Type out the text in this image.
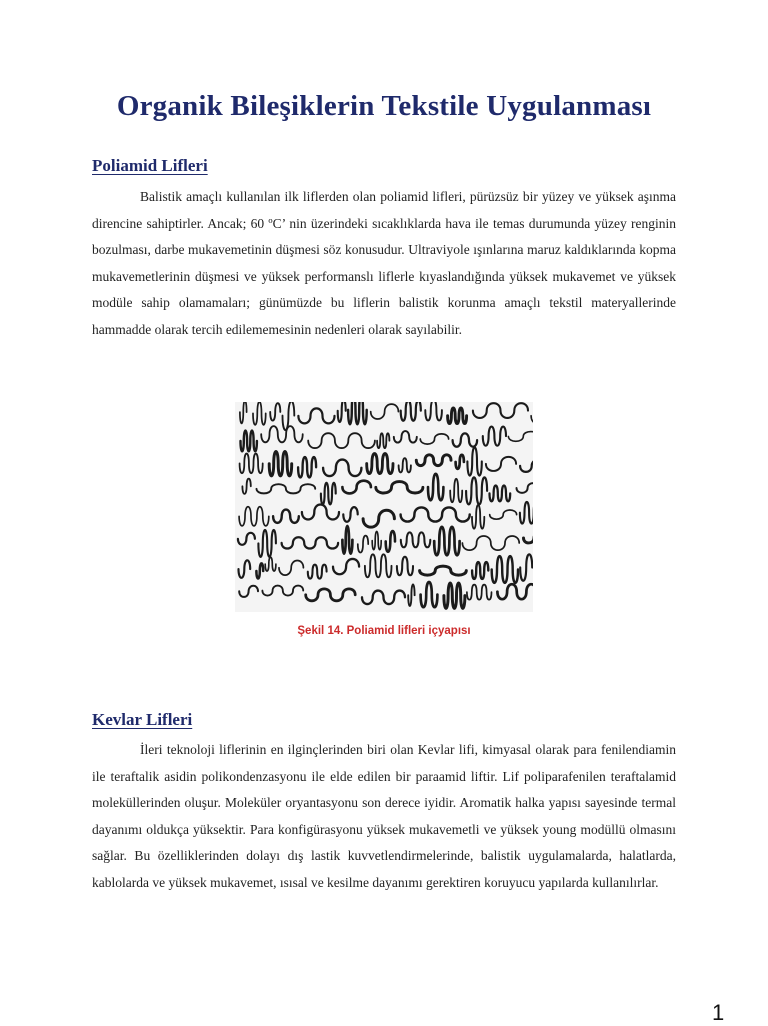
Organik Bileşiklerin Tekstile Uygulanması
Poliamid Lifleri
Balistik amaçlı kullanılan ilk liflerden olan poliamid lifleri, pürüzsüz bir yüzey ve yüksek aşınma direncine sahiptirler. Ancak; 60 ºC’ nin üzerindeki sıcaklıklarda hava ile temas durumunda yüzey renginin bozulması, darbe mukavemetinin düşmesi söz konusudur. Ultraviyole ışınlarına maruz kaldıklarında kopma mukavemetlerinin düşmesi ve yüksek performanslı liflerle kıyaslandığında yüksek mukavemet ve yüksek modüle sahip olamamaları; günümüzde bu liflerin balistik korunma amaçlı tekstil materyallerinde hammadde olarak tercih edilememesinin nedenleri olarak sayılabilir.
Şekil 14. Poliamid lifleri içyapısı
Kevlar Lifleri
İleri teknoloji liflerinin en ilginçlerinden biri olan Kevlar lifi, kimyasal olarak para fenilendiamin ile teraftalik asidin polikondenzasyonu ile elde edilen bir paraamid liftir. Lif poliparafenilen teraftalamid moleküllerinden oluşur. Moleküler oryantasyonu son derece iyidir. Aromatik halka yapısı sayesinde termal dayanımı oldukça yüksektir. Para konfigürasyonu yüksek mukavemetli ve yüksek young modüllü olmasını sağlar. Bu özelliklerinden dolayı dış lastik kuvvetlendirmelerinde, balistik uygulamalarda, halatlarda, kablolarda ve yüksek mukavemet, ısısal ve kesilme dayanımı gerektiren koruyucu yapılarda kullanılırlar.
1
